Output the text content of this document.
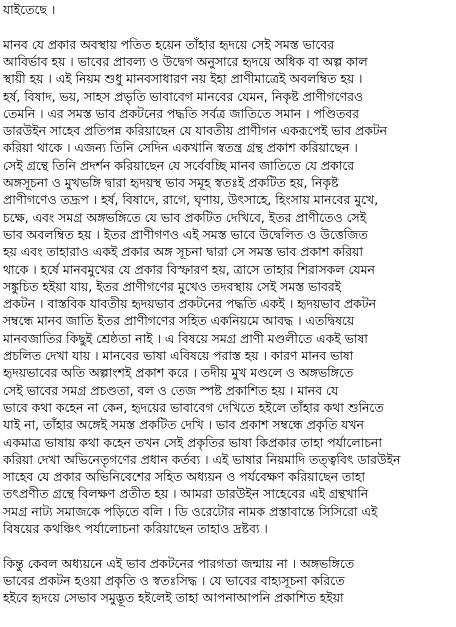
যাইতেছে ।
মানব যে প্রকার অবস্থায় পতিত হয়েন তাঁহার হৃদয়ে সেই সমস্ত ভাবের
আবির্ভাব হয় । ভাবের প্রাবল্য ও উদ্বেগ অনুসারে হৃদয়ে অধিক বা অল্প কাল
স্থায়ী হয় । এই নিয়ম শুধু মানবসাধারণ নয় ইহা প্রাণীমাত্রেই অবলম্বিত হয় ।
হর্ষ, বিষাদ, ভয়, সাহস প্রভৃতি ভাবাবেগ মানবের যেমন, নিকৃষ্ট প্রাণীগণেরও
তেমনি । এর সমস্ত ভাব প্রকটনের পদ্ধতি সর্বত্র জাতিতে সমান । পণ্ডিতবর
ডারউইন সাহেব প্রতিপন্ন করিয়াছেন যে যাবতীয় প্রাণীগন একরূপেই ভাব প্রকটন
করিয়া থাকে । এজন্য তিনি সেদিন একখানি স্বতন্ত্র গ্রন্থ প্রকাশ করিয়াছেন ।
সেই গ্রন্থে তিনি প্রদর্শন করিয়াছেন যে সর্বেবচ্ছি মানব জাতিতে যে প্রকারে
অঙ্গসূচনা ও মুখভঙ্গি দ্বারা হৃদয়স্থ ভাব সমূহ স্বতঃই প্রকটিত হয়, নিকৃষ্ট
প্রাণীগণেও তদ্রূপ । হর্ষ, বিষাদে, রাগে, ঘৃণায়, উৎসাহে, হিংসায় মানবের মুখে,
চক্ষে, এবং সমগ্র অঙ্গভঙ্গিতে যে ভাব প্রকটিত দেখিবে, ইতর প্রাণীতেও সেই
ভাব অবলম্বিত হয় । ইতর প্রাণীগণও এই সমস্ত ভাবে উদ্বেলিত ও উত্তেজিত
হয় এবং তাহারাও একই প্রকার অঙ্গ সূচনা দ্বারা সে সমস্ত ভাব প্রকাশ করিয়া
থাকে । হর্ষে মানবমুখের যে প্রকার বিস্ফারণ হয়, ত্রাসে তাহার শিরাসকল যেমন
সঙ্কুচিত হইয়া যায়, ইতর প্রাণীগণের মুখেও তদবস্থায় সেই সমস্ত ভাবরই
প্রকটন । বাস্তবিক যাবতীয় হৃদয়ভাব প্রকটনের পদ্ধতি একই । হৃদয়ভাব প্রকটন
সম্বন্ধে মানব জাতি ইতর প্রাণীগণের সহিত একনিয়মে আবদ্ধ । এতদ্বিষয়ে
মানবজাতির কিছুই শ্রেষ্ঠতা নাই । এ বিষয়ে সমগ্র প্রাণী মণ্ডলীতে একই ভাষা
প্রচলিত দেখা যায় । মানবের ভাষা এবিষয়ে পরাস্ত হয় । কারণ মানব ভাষা
হৃদয়ভাবের অতি অল্পাংশই প্রকাশ করে । তদীয় মুখ মণ্ডলে ও অঙ্গভঙ্গিতে
সেই ভাবের সমগ্র প্রচণ্ডতা, বল ও তেজ স্পষ্ট প্রকাশিত হয় । মানব যে
ভাবে কথা কহেন না কেন, হৃদয়ের ভাবাবেগ দেখিতে হইলে তাঁহার কথা শুনিতে
যাই না, তাঁহার অঙ্গেই সমস্ত প্রকটিত দেখি । ভাব প্রকাশ সম্বন্ধে প্রকৃতি যখন
একমাত্র ভাষায় কথা কহেন তখন সেই প্রকৃতির ভাষা কিপ্রকার তাহা পর্যালোচনা
করিয়া দেখা অভিনেতৃগণের প্রধান কর্তব্য । এই ভাষার নিয়মাদি তত্ত্ববিৎ ডারউইন
সাহেব যে প্রকার অভিনিবেশের সহিত অধ্যয়ন ও পর্যবেক্ষণ করিয়াছেন তাহা
তৎপ্রণীত গ্রন্থে বিলক্ষণ প্রতীত হয় । আমরা ডারউইন সাহেবের এই গ্রন্থখানি
সমগ্র নাট্য সমাজকে পড়িতে বলি । ডি ওরেটোর নামক প্রস্তাবান্তে সিসিরো এই
বিষয়ের কথঞ্চিৎ পর্যালোচনা করিয়াছেন তাহাও দ্রষ্টব্য ।
কিন্তু কেবল অধ্যয়নে এই ভাব প্রকটনের পারগতা জন্মায় না । অঙ্গভঙ্গিতে
ভাবের প্রকটন হওয়া প্রকৃতি ও স্বতঃসিদ্ধ । যে ভাবের বাহ্যসূচনা করিতে
হইবে হৃদয়ে সেভাব সমুদ্ভূত হইলেই তাহা আপনাআপনি প্রকাশিত হইয়া
